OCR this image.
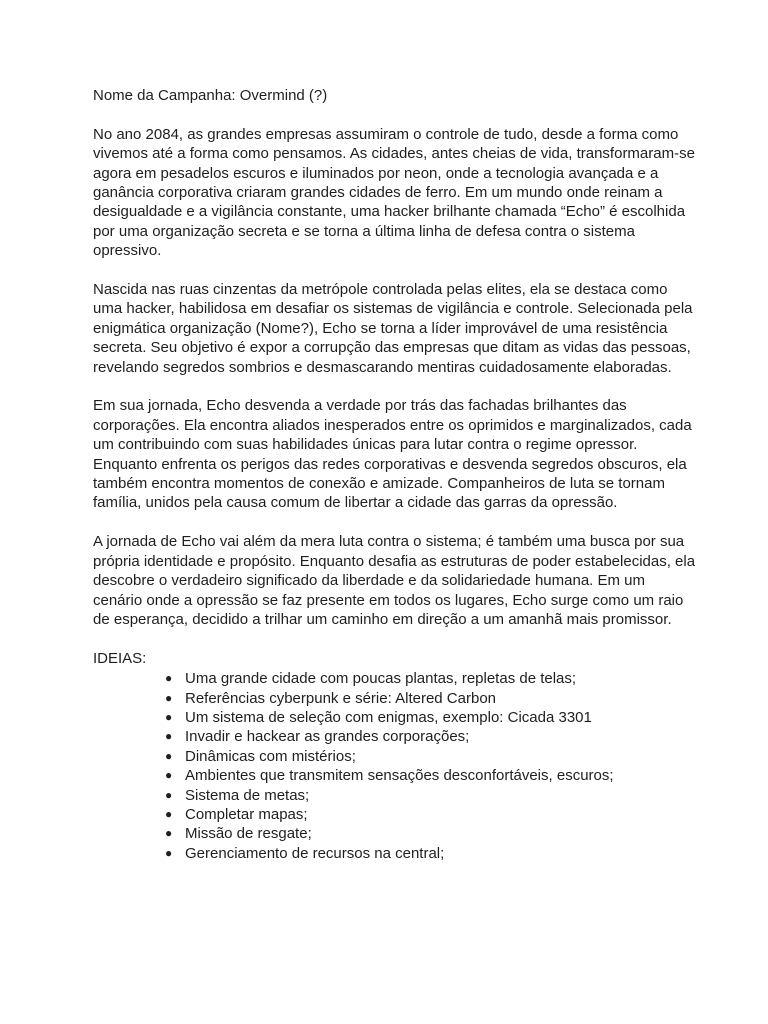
Nome da Campanha: Overmind (?)

No ano 2084, as grandes empresas assumiram o controle de tudo, desde a forma como vivemos até a forma como pensamos. As cidades, antes cheias de vida, transformaram-se agora em pesadelos escuros e iluminados por neon, onde a tecnologia avançada e a ganância corporativa criaram grandes cidades de ferro. Em um mundo onde reinam a desigualdade e a vigilância constante, uma hacker brilhante chamada “Echo” é escolhida por uma organização secreta e se torna a última linha de defesa contra o sistema opressivo.

Nascida nas ruas cinzentas da metrópole controlada pelas elites, ela se destaca como uma hacker, habilidosa em desafiar os sistemas de vigilância e controle. Selecionada pela enigmática organização (Nome?), Echo se torna a líder improvável de uma resistência secreta. Seu objetivo é expor a corrupção das empresas que ditam as vidas das pessoas, revelando segredos sombrios e desmascarando mentiras cuidadosamente elaboradas.

Em sua jornada, Echo desvenda a verdade por trás das fachadas brilhantes das corporações. Ela encontra aliados inesperados entre os oprimidos e marginalizados, cada um contribuindo com suas habilidades únicas para lutar contra o regime opressor. Enquanto enfrenta os perigos das redes corporativas e desvenda segredos obscuros, ela também encontra momentos de conexão e amizade. Companheiros de luta se tornam família, unidos pela causa comum de libertar a cidade das garras da opressão.

A jornada de Echo vai além da mera luta contra o sistema; é também uma busca por sua própria identidade e propósito. Enquanto desafia as estruturas de poder estabelecidas, ela descobre o verdadeiro significado da liberdade e da solidariedade humana. Em um cenário onde a opressão se faz presente em todos os lugares, Echo surge como um raio de esperança, decidido a trilhar um caminho em direção a um amanhã mais promissor.

IDEIAS:

● Uma grande cidade com poucas plantas, repletas de telas;
● Referências cyberpunk e série: Altered Carbon
● Um sistema de seleção com enigmas, exemplo: Cicada 3301
● Invadir e hackear as grandes corporações;
● Dinâmicas com mistérios;
● Ambientes que transmitem sensações desconfortáveis, escuros;
● Sistema de metas;
● Completar mapas;
● Missão de resgate;
● Gerenciamento de recursos na central;
